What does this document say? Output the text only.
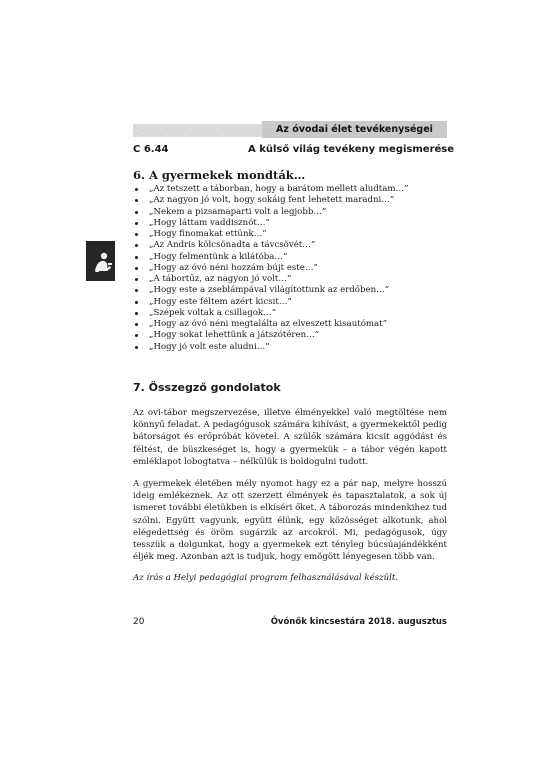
Az óvodai élet tevékenységei
C 6.44	A külső világ tevékeny megismerése
6. A gyermekek mondták…
„Az tetszett a táborban, hogy a barátom mellett aludtam…”
„Az nagyon jó volt, hogy sokáig fent lehetett maradni…”
„Nekem a pizsamaparti volt a legjobb…”
„Hogy láttam vaddisznót…”
„Hogy finomakat ettünk…”
„Az Andris kölcsönadta a távcsövét…”
„Hogy felmentünk a kilátóba…”
„Hogy az óvó néni hozzám bújt este…”
„A tábortűz, az nagyon jó volt…”
„Hogy este a zseblámpával világítottunk az erdőben…”
„Hogy este féltem azért kicsit…”
„Szépek voltak a csillagok…”
„Hogy az óvó néni megtalálta az elveszett kisautómat”
„Hogy sokat lehettünk a játszótéren…”
„Hogy jó volt este aludni…”
7. Összegző gondolatok

Az ovi-tábor megszervezése, illetve élményekkel való megtöltése nem könnyű feladat. A pedagógusok számára kihívást, a gyermekektől pedig bátorságot és erőpróbát követel. A szülők számára kicsit aggódást és féltést, de büszkeséget is, hogy a gyermekük – a tábor végén kapott emléklapot lobogtatva – nélkülük is boldogulni tudott.

A gyermekek életében mély nyomot hagy ez a pár nap, melyre hosszú ideig emlékeznek. Az ott szerzett élmények és tapasztalatok, a sok új ismeret további életükben is elkíséri őket. A táborozás mindenkihez tud szólni. Együtt vagyunk, együtt élünk, egy közösséget alkotunk, ahol elégedettség és öröm sugárzik az arcokról. Mi, pedagógusok, úgy tesszük a dolgunkat, hogy a gyermekek ezt tényleg búcsúajándékként éljék meg. Azonban azt is tudjuk, hogy emögött lényegesen több van.

Az írás a Helyi pedagógiai program felhasználásával készült.

20	Óvónők kincsestára 2018. augusztus
